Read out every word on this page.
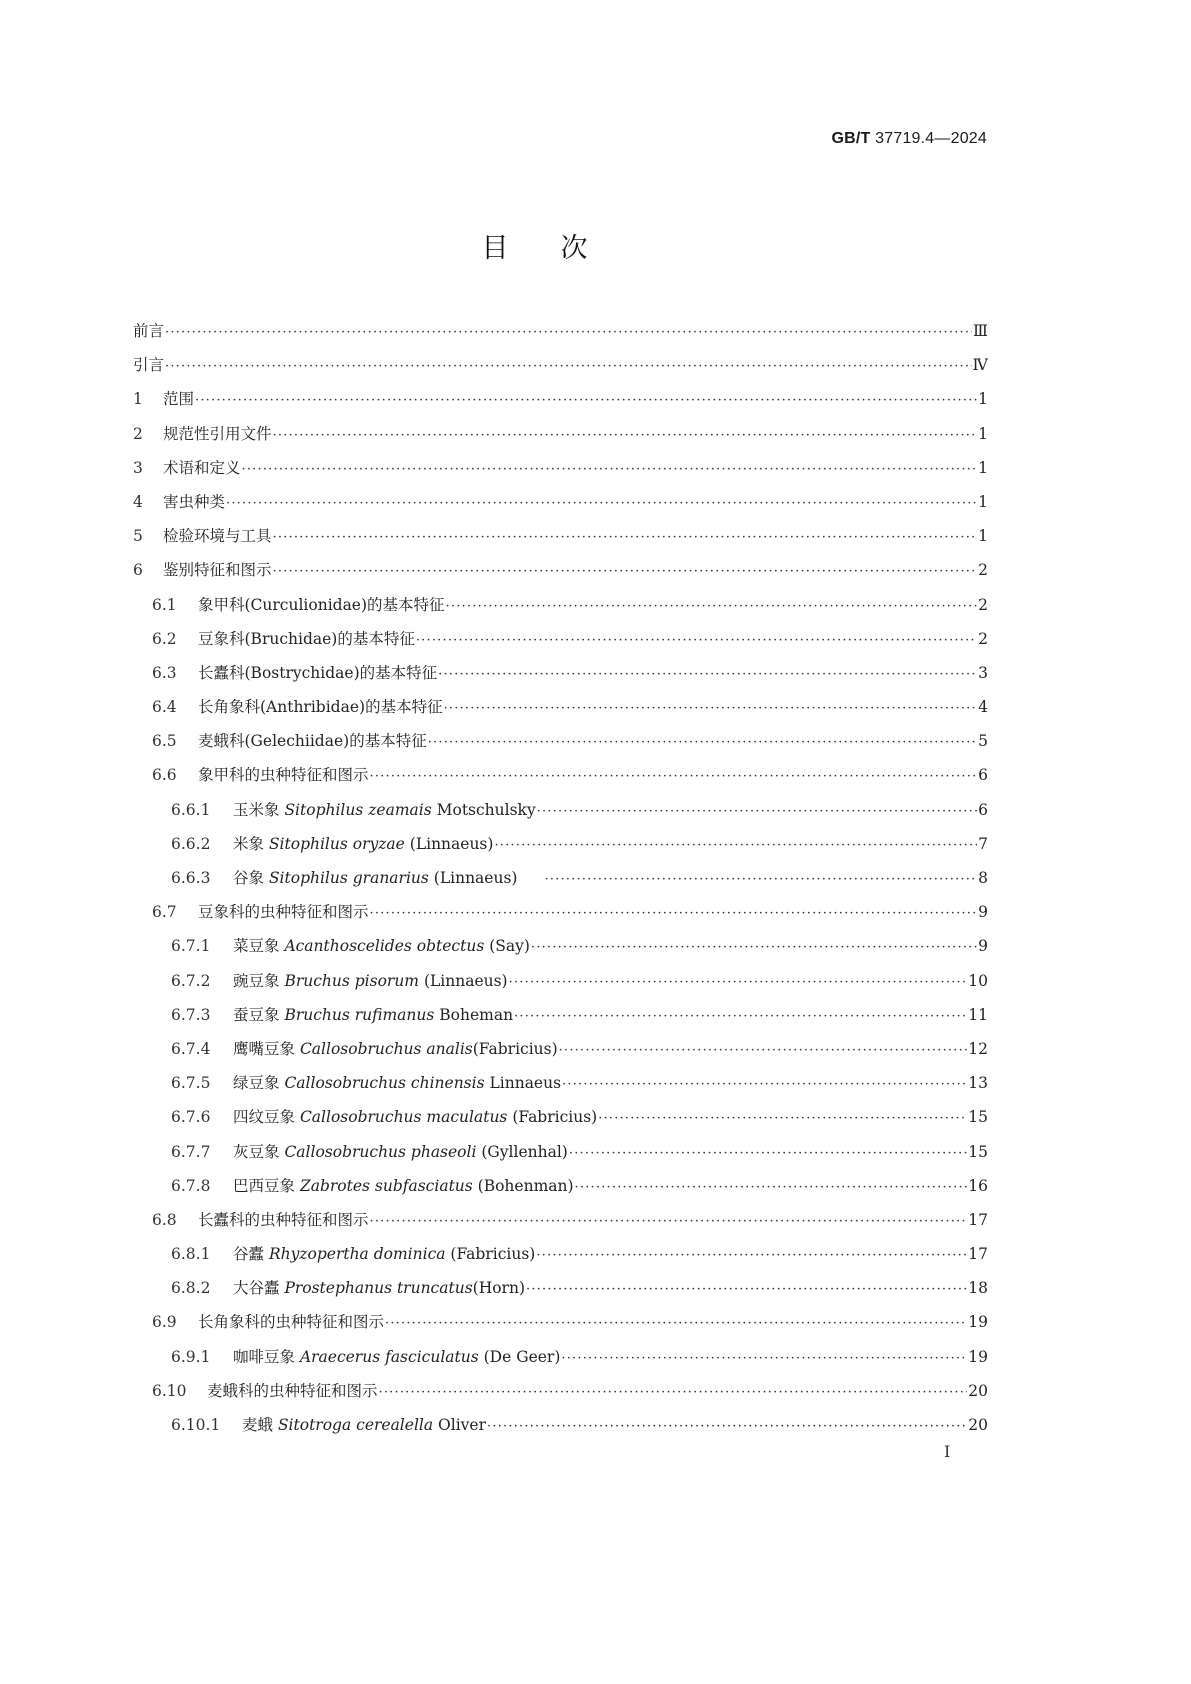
GB/T 37719.4—2024
目次
前言 ·····	Ⅲ
引言 ·····	Ⅳ
1	范围 ·····	1
2	规范性引用文件 ·····	1
3	术语和定义 ·····	1
4	害虫种类 ·····	1
5	检验环境与工具 ·····	1
6	鉴别特征和图示 ·····	2
6.1	象甲科(Curculionidae)的基本特征 ·····	2
6.2	豆象科(Bruchidae)的基本特征 ·····	2
6.3	长蠹科(Bostrychidae)的基本特征 ·····	3
6.4	长角象科(Anthribidae)的基本特征 ·····	4
6.5	麦蛾科(Gelechiidae)的基本特征 ·····	5
6.6	象甲科的虫种特征和图示 ·····	6
6.6.1	玉米象 Sitophilus zeamais Motschulsky ·····	6
6.6.2	米象 Sitophilus oryzae (Linnaeus) ·····	7
6.6.3	谷象 Sitophilus granarius (Linnaeus) ·····	8
6.7	豆象科的虫种特征和图示 ·····	9
6.7.1	菜豆象 Acanthoscelides obtectus (Say) ·····	9
6.7.2	豌豆象 Bruchus pisorum (Linnaeus) ·····	10
6.7.3	蚕豆象 Bruchus rufimanus Boheman ·····	11
6.7.4	鹰嘴豆象 Callosobruchus analis(Fabricius) ·····	12
6.7.5	绿豆象 Callosobruchus chinensis Linnaeus ·····	13
6.7.6	四纹豆象 Callosobruchus maculatus (Fabricius) ·····	15
6.7.7	灰豆象 Callosobruchus phaseoli (Gyllenhal) ·····	15
6.7.8	巴西豆象 Zabrotes subfasciatus (Bohenman) ·····	16
6.8	长蠹科的虫种特征和图示 ·····	17
6.8.1	谷蠹 Rhyzopertha dominica (Fabricius) ·····	17
6.8.2	大谷蠹 Prostephanus truncatus(Horn) ·····	18
6.9	长角象科的虫种特征和图示 ·····	19
6.9.1	咖啡豆象 Araecerus fasciculatus (De Geer) ·····	19
6.10	麦蛾科的虫种特征和图示 ·····	20
6.10.1	麦蛾 Sitotroga cerealella Oliver ·····	20
I
